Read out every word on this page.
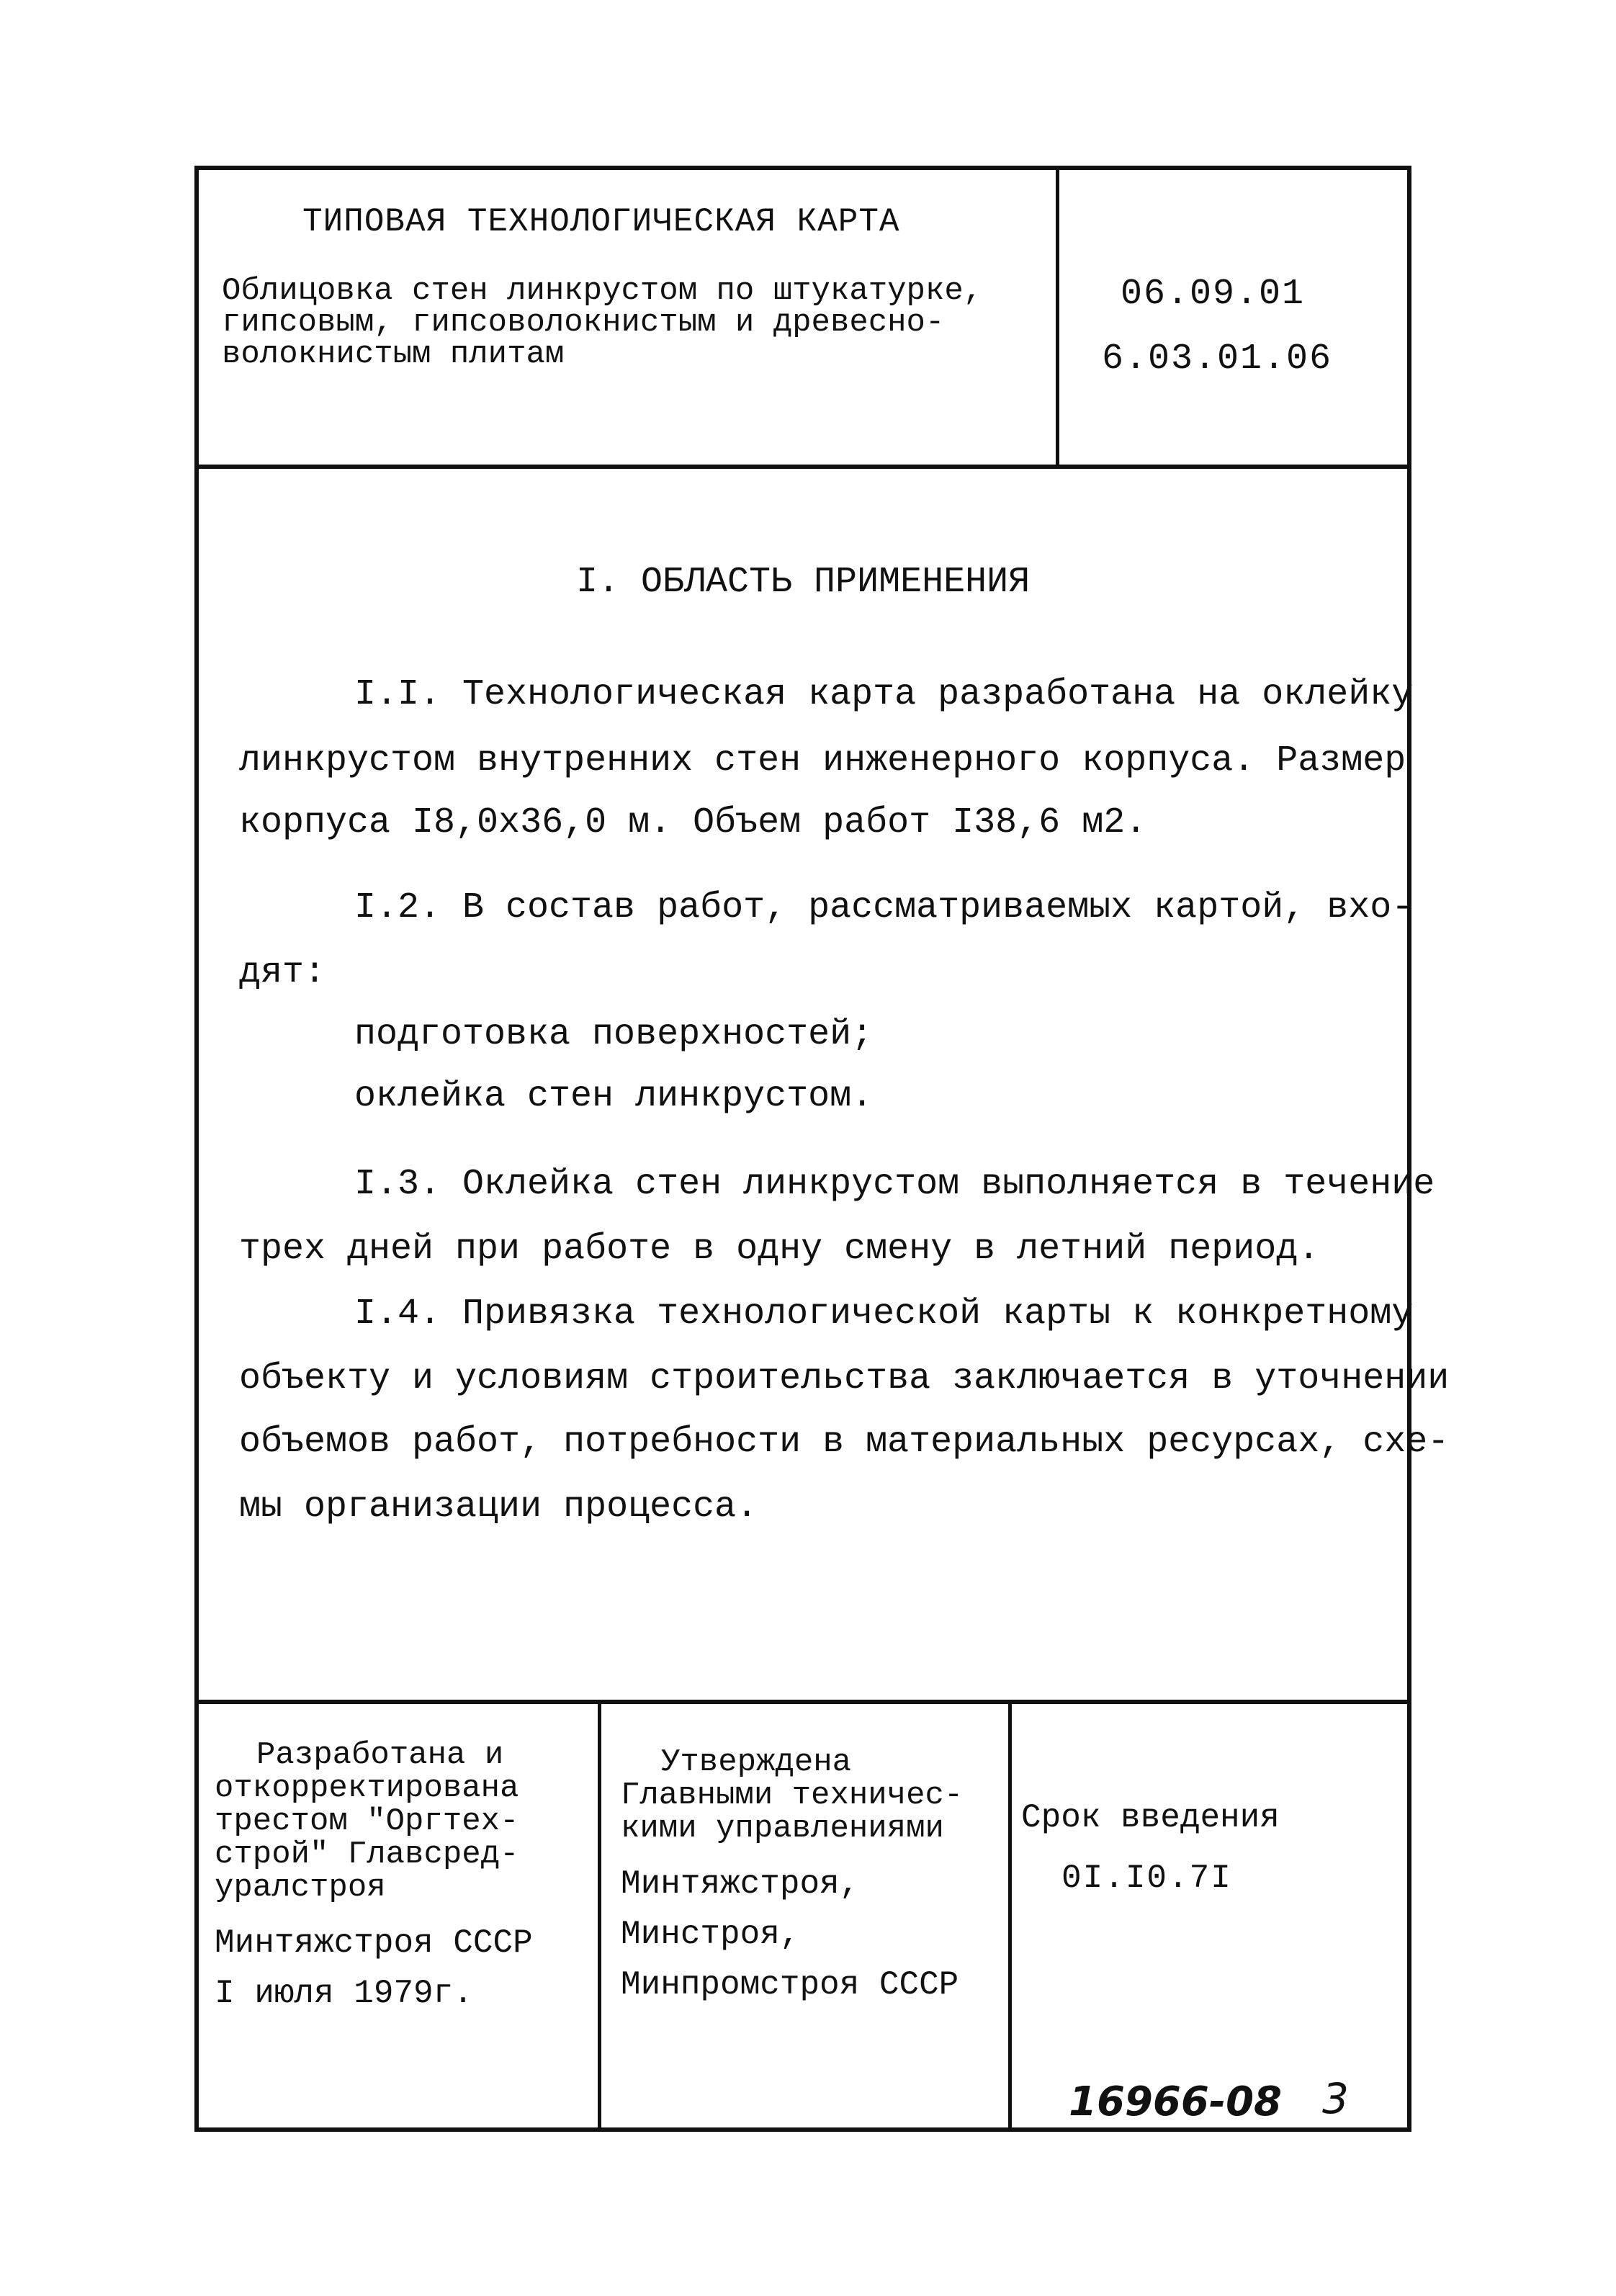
ТИПОВАЯ ТЕХНОЛОГИЧЕСКАЯ КАРТА
Облицовка стен линкрустом по штукатурке,
гипсовым, гипсоволокнистым и древесно-
волокнистым плитам
06.09.01
6.03.01.06
I. ОБЛАСТЬ ПРИМЕНЕНИЯ
I.I. Технологическая карта разработана на оклейку
линкрустом внутренних стен инженерного корпуса. Размер
корпуса I8,0х36,0 м. Объем работ I38,6 м2.
I.2. В состав работ, рассматриваемых картой, вхо-
дят:
подготовка поверхностей;
оклейка стен линкрустом.
I.3. Оклейка стен линкрустом выполняется в течение
трех дней при работе в одну смену в летний период.
I.4. Привязка технологической карты к конкретному
объекту и условиям строительства заключается в уточнении
объемов работ, потребности в материальных ресурсах, схе-
мы организации процесса.
Разработана и
откорректирована
трестом "Оргтех-
строй" Главсред-
уралстроя
Минтяжстроя СССР
I июля 1979г.
Утверждена
Главными техничес-
кими управлениями
Минтяжстроя,
Минстроя,
Минпромстроя СССР
Срок введения
0I.I0.7I
16966-08 3
